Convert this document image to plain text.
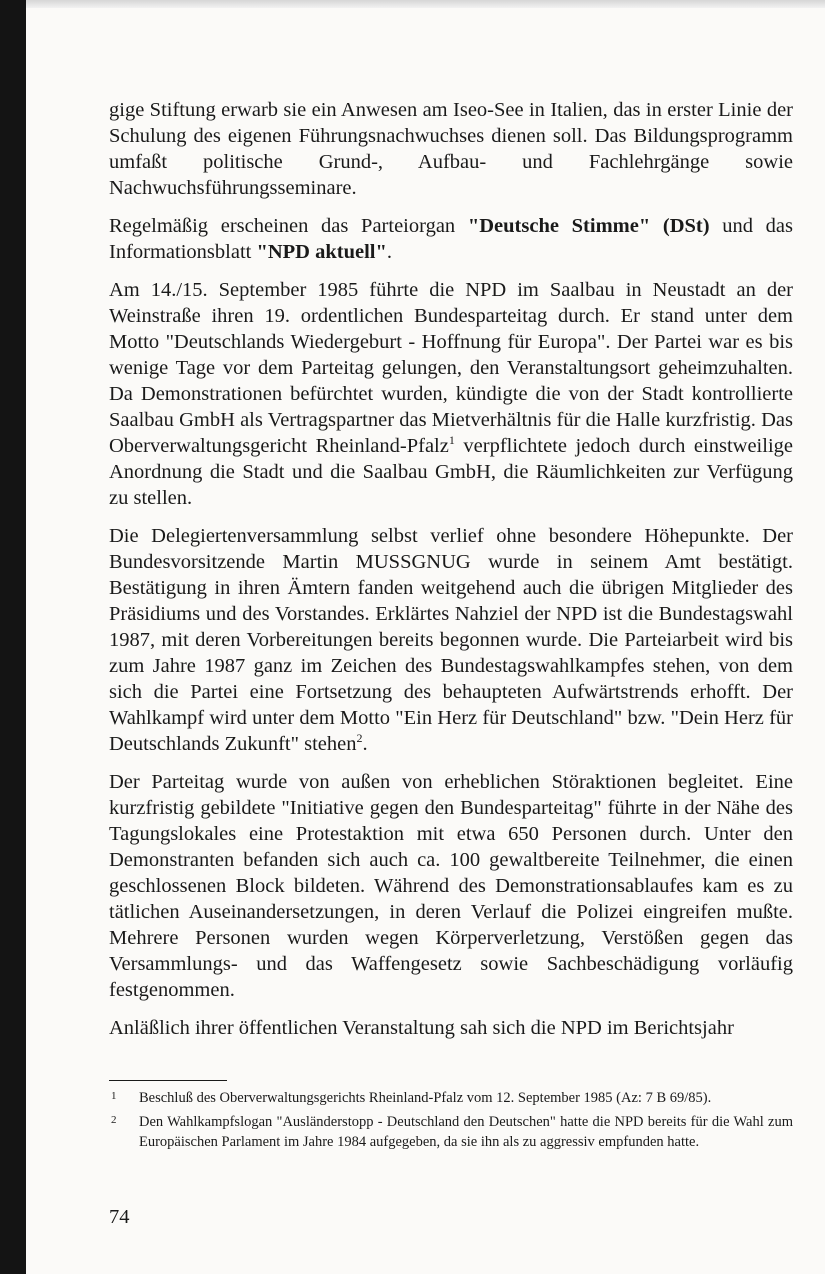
gige Stiftung erwarb sie ein Anwesen am Iseo-See in Italien, das in erster Linie der Schulung des eigenen Führungsnachwuchses dienen soll. Das Bildungsprogramm umfaßt politische Grund-, Aufbau- und Fachlehrgänge sowie Nachwuchsführungsseminare.

Regelmäßig erscheinen das Parteiorgan "Deutsche Stimme" (DSt) und das Informationsblatt "NPD aktuell".

Am 14./15. September 1985 führte die NPD im Saalbau in Neustadt an der Weinstraße ihren 19. ordentlichen Bundesparteitag durch. Er stand unter dem Motto "Deutschlands Wiedergeburt - Hoffnung für Europa". Der Partei war es bis wenige Tage vor dem Parteitag gelungen, den Veranstaltungsort geheimzuhalten. Da Demonstrationen befürchtet wurden, kündigte die von der Stadt kontrollierte Saalbau GmbH als Vertragspartner das Mietverhältnis für die Halle kurzfristig. Das Oberverwaltungsgericht Rheinland-Pfalz$^1$ verpflichtete jedoch durch einstweilige Anordnung die Stadt und die Saalbau GmbH, die Räumlichkeiten zur Verfügung zu stellen.

Die Delegiertenversammlung selbst verlief ohne besondere Höhepunkte. Der Bundesvorsitzende Martin MUSSGNUG wurde in seinem Amt bestätigt. Bestätigung in ihren Ämtern fanden weitgehend auch die übrigen Mitglieder des Präsidiums und des Vorstandes. Erklärtes Nahziel der NPD ist die Bundestagswahl 1987, mit deren Vorbereitungen bereits begonnen wurde. Die Parteiarbeit wird bis zum Jahre 1987 ganz im Zeichen des Bundestagswahlkampfes stehen, von dem sich die Partei eine Fortsetzung des behaupteten Aufwärtstrends erhofft. Der Wahlkampf wird unter dem Motto "Ein Herz für Deutschland" bzw. "Dein Herz für Deutschlands Zukunft" stehen$^2$.

Der Parteitag wurde von außen von erheblichen Störaktionen begleitet. Eine kurzfristig gebildete "Initiative gegen den Bundesparteitag" führte in der Nähe des Tagungslokales eine Protestaktion mit etwa 650 Personen durch. Unter den Demonstranten befanden sich auch ca. 100 gewaltbereite Teilnehmer, die einen geschlossenen Block bildeten. Während des Demonstrationsablaufes kam es zu tätlichen Auseinandersetzungen, in deren Verlauf die Polizei eingreifen mußte. Mehrere Personen wurden wegen Körperverletzung, Verstößen gegen das Versammlungs- und das Waffengesetz sowie Sachbeschädigung vorläufig festgenommen.

Anläßlich ihrer öffentlichen Veranstaltung sah sich die NPD im Berichtsjahr

1 Beschluß des Oberverwaltungsgerichts Rheinland-Pfalz vom 12. September 1985 (Az: 7 B 69/85).

2 Den Wahlkampfslogan "Ausländerstopp - Deutschland den Deutschen" hatte die NPD bereits für die Wahl zum Europäischen Parlament im Jahre 1984 aufgegeben, da sie ihn als zu aggressiv empfunden hatte.

74
